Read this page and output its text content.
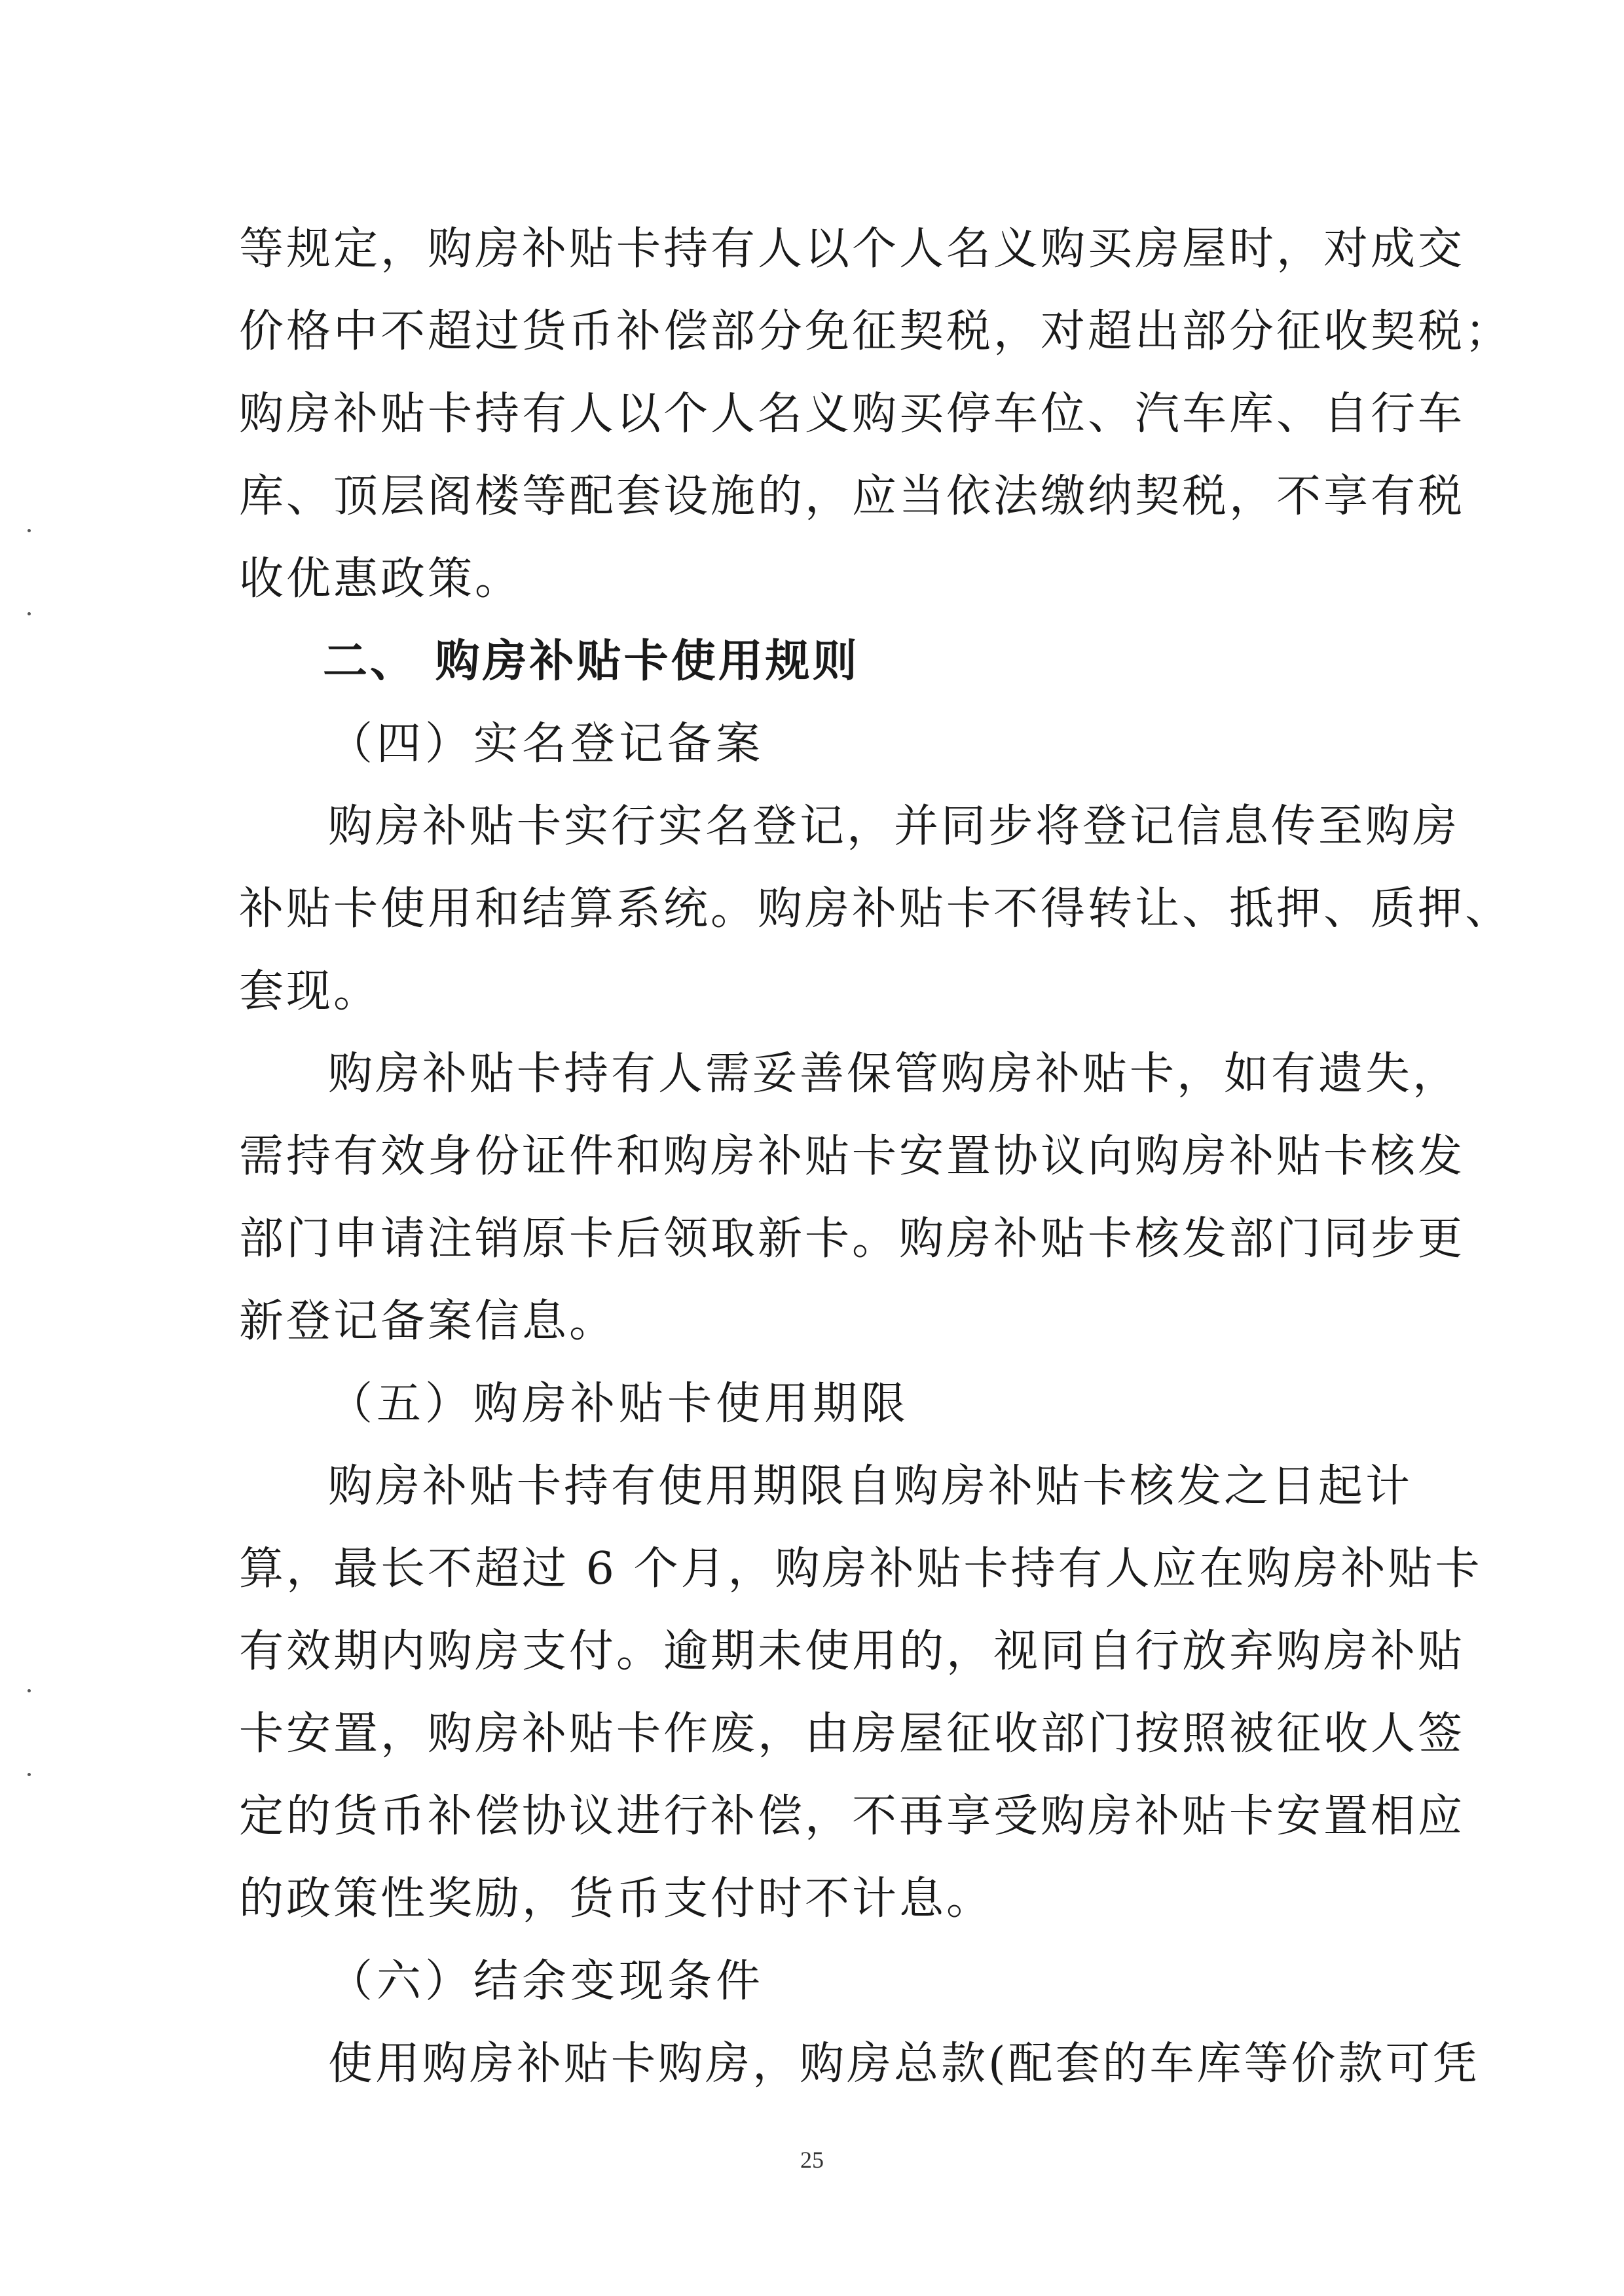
等规定，购房补贴卡持有人以个人名义购买房屋时，对成交
价格中不超过货币补偿部分免征契税，对超出部分征收契税；
购房补贴卡持有人以个人名义购买停车位、汽车库、自行车
库、顶层阁楼等配套设施的，应当依法缴纳契税，不享有税
收优惠政策。
二、 购房补贴卡使用规则
（四）实名登记备案
购房补贴卡实行实名登记，并同步将登记信息传至购房
补贴卡使用和结算系统。购房补贴卡不得转让、抵押、质押、
套现。
购房补贴卡持有人需妥善保管购房补贴卡，如有遗失，
需持有效身份证件和购房补贴卡安置协议向购房补贴卡核发
部门申请注销原卡后领取新卡。购房补贴卡核发部门同步更
新登记备案信息。
（五）购房补贴卡使用期限
购房补贴卡持有使用期限自购房补贴卡核发之日起计
算，最长不超过 6 个月，购房补贴卡持有人应在购房补贴卡
有效期内购房支付。逾期未使用的，视同自行放弃购房补贴
卡安置，购房补贴卡作废，由房屋征收部门按照被征收人签
定的货币补偿协议进行补偿，不再享受购房补贴卡安置相应
的政策性奖励，货币支付时不计息。
（六）结余变现条件
使用购房补贴卡购房，购房总款(配套的车库等价款可凭
25
